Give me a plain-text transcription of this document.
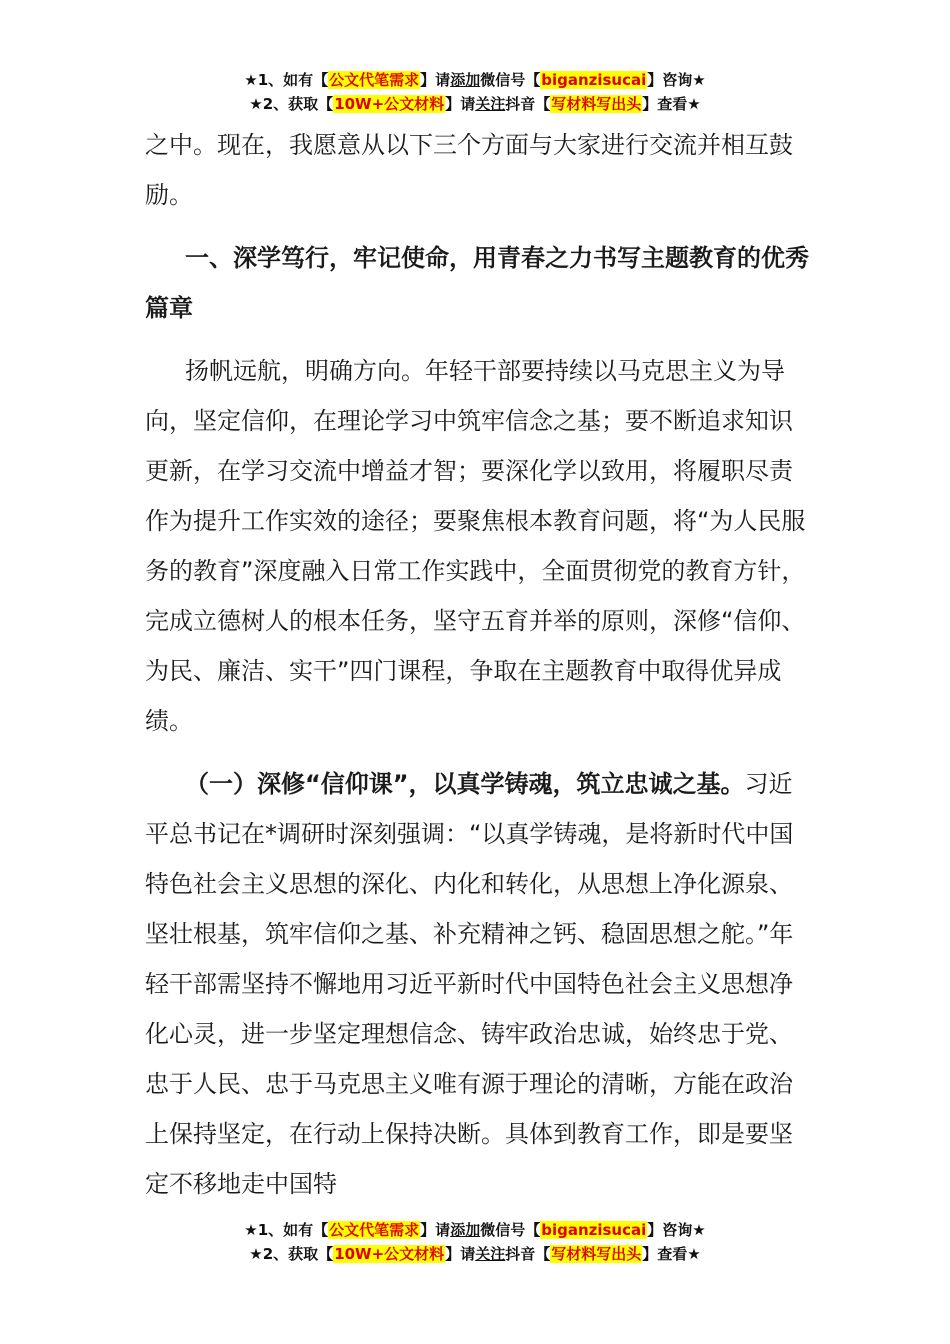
★1、如有【公文代笔需求】请添加微信号【biganzisucai】咨询★
★2、获取【10W+公文材料】请关注抖音【写材料写出头】查看★

之中。现在，我愿意从以下三个方面与大家进行交流并相互鼓励。

一、深学笃行，牢记使命，用青春之力书写主题教育的优秀篇章

扬帆远航，明确方向。年轻干部要持续以马克思主义为导向，坚定信仰，在理论学习中筑牢信念之基；要不断追求知识更新，在学习交流中增益才智；要深化学以致用，将履职尽责作为提升工作实效的途径；要聚焦根本教育问题，将“为人民服务的教育”深度融入日常工作实践中，全面贯彻党的教育方针，完成立德树人的根本任务，坚守五育并举的原则，深修“信仰、为民、廉洁、实干”四门课程，争取在主题教育中取得优异成绩。

（一）深修“信仰课”，以真学铸魂，筑立忠诚之基。习近平总书记在*调研时深刻强调：“以真学铸魂，是将新时代中国特色社会主义思想的深化、内化和转化，从思想上净化源泉、坚壮根基，筑牢信仰之基、补充精神之钙、稳固思想之舵。”年轻干部需坚持不懈地用习近平新时代中国特色社会主义思想净化心灵，进一步坚定理想信念、铸牢政治忠诚，始终忠于党、忠于人民、忠于马克思主义唯有源于理论的清晰，方能在政治上保持坚定，在行动上保持决断。具体到教育工作，即是要坚定不移地走中国特

★1、如有【公文代笔需求】请添加微信号【biganzisucai】咨询★
★2、获取【10W+公文材料】请关注抖音【写材料写出头】查看★
